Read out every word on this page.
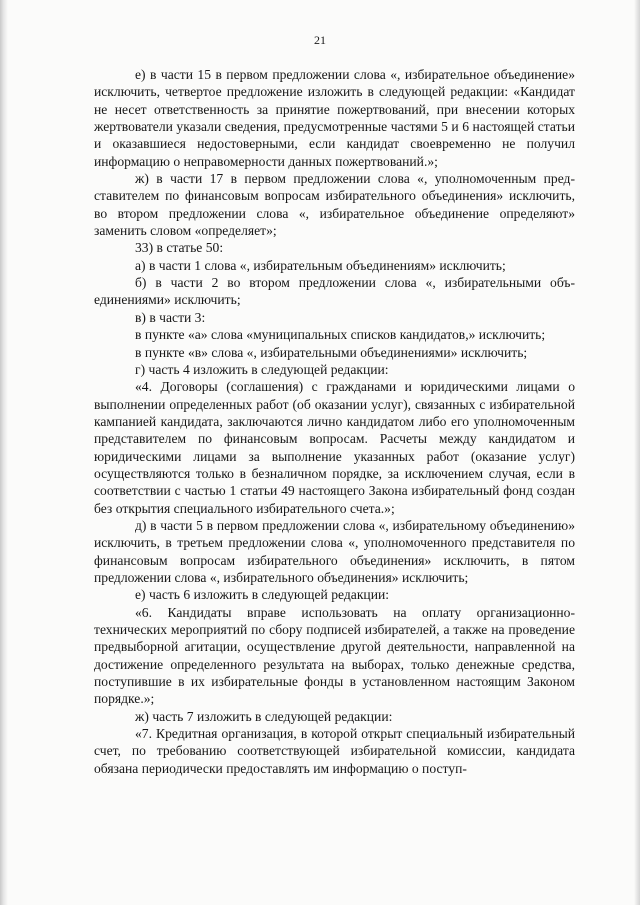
21

е) в части 15 в первом предложении слова «, избирательное объединение» исключить, четвертое предложение изложить в следующей редакции: «Кандидат не несет ответственность за принятие пожертвований, при внесении которых жертвователи указали сведения, предусмотренные частями 5 и 6 настоящей статьи и оказавшиеся недостоверными, если кандидат своевременно не получил информацию о неправомерности данных пожертвований.»;

ж) в части 17 в первом предложении слова «, уполномоченным представителем по финансовым вопросам избирательного объединения» исключить, во втором предложении слова «, избирательное объединение определяют» заменить словом «определяет»;

33) в статье 50:

а) в части 1 слова «, избирательным объединениям» исключить;

б) в части 2 во втором предложении слова «, избирательными объединениями» исключить;

в) в части 3:

в пункте «а» слова «муниципальных списков кандидатов,» исключить;

в пункте «в» слова «, избирательными объединениями» исключить;

г) часть 4 изложить в следующей редакции:

«4. Договоры (соглашения) с гражданами и юридическими лицами о выполнении определенных работ (об оказании услуг), связанных с избирательной кампанией кандидата, заключаются лично кандидатом либо его уполномоченным представителем по финансовым вопросам. Расчеты между кандидатом и юридическими лицами за выполнение указанных работ (оказание услуг) осуществляются только в безналичном порядке, за исключением случая, если в соответствии с частью 1 статьи 49 настоящего Закона избирательный фонд создан без открытия специального избирательного счета.»;

д) в части 5 в первом предложении слова «, избирательному объединению» исключить, в третьем предложении слова «, уполномоченного представителя по финансовым вопросам избирательного объединения» исключить, в пятом предложении слова «, избирательного объединения» исключить;

е) часть 6 изложить в следующей редакции:

«6. Кандидаты вправе использовать на оплату организационно-технических мероприятий по сбору подписей избирателей, а также на проведение предвыборной агитации, осуществление другой деятельности, направленной на достижение определенного результата на выборах, только денежные средства, поступившие в их избирательные фонды в установленном настоящим Законом порядке.»;

ж) часть 7 изложить в следующей редакции:

«7. Кредитная организация, в которой открыт специальный избирательный счет, по требованию соответствующей избирательной комиссии, кандидата обязана периодически предоставлять им информацию о поступ-
